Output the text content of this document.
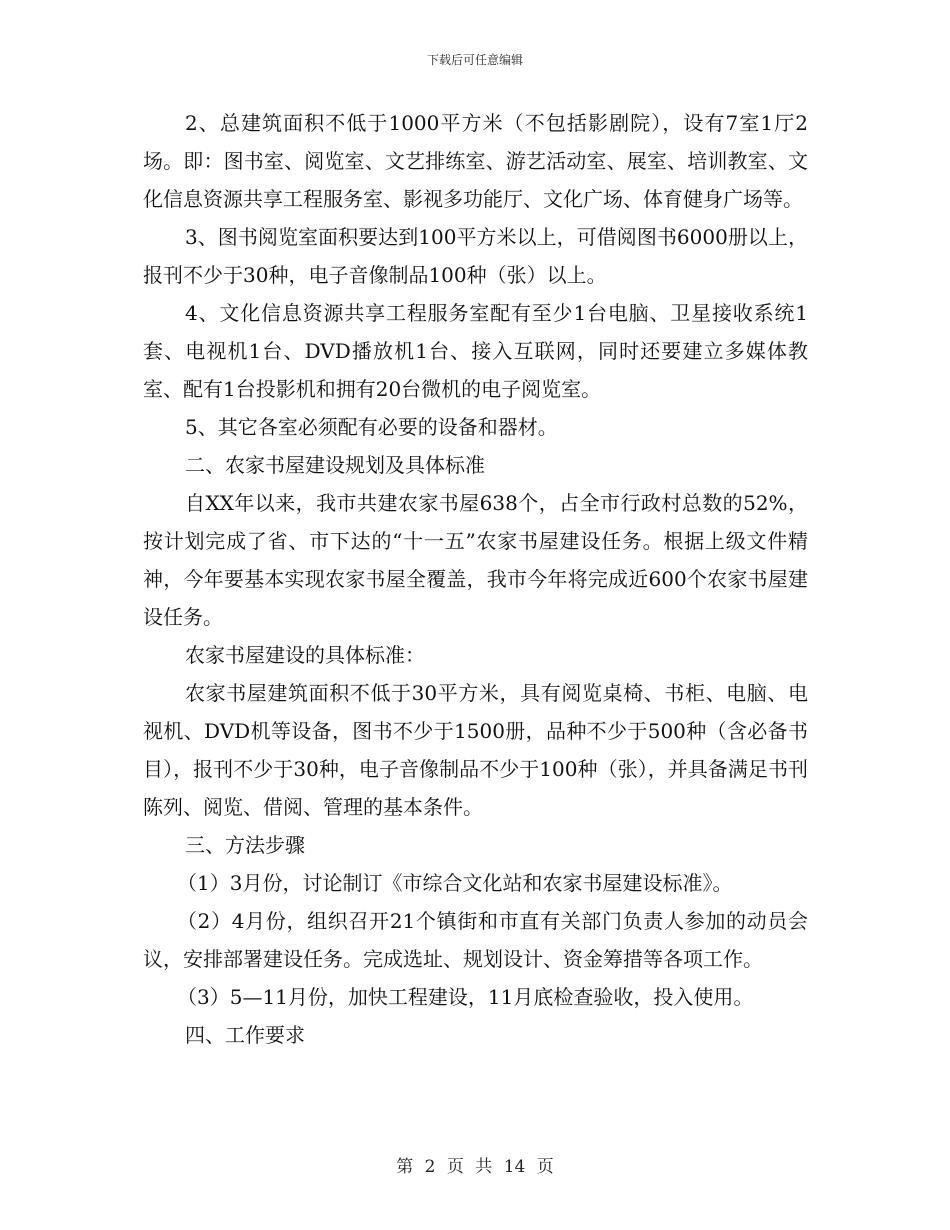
下载后可任意编辑

2、总建筑面积不低于1000平方米（不包括影剧院），设有7室1厅2场。即：图书室、阅览室、文艺排练室、游艺活动室、展室、培训教室、文化信息资源共享工程服务室、影视多功能厅、文化广场、体育健身广场等。

3、图书阅览室面积要达到100平方米以上，可借阅图书6000册以上，报刊不少于30种，电子音像制品100种（张）以上。

4、文化信息资源共享工程服务室配有至少1台电脑、卫星接收系统1套、电视机1台、DVD播放机1台、接入互联网，同时还要建立多媒体教室、配有1台投影机和拥有20台微机的电子阅览室。

5、其它各室必须配有必要的设备和器材。

二、农家书屋建设规划及具体标准

自XX年以来，我市共建农家书屋638个，占全市行政村总数的52%，按计划完成了省、市下达的“十一五”农家书屋建设任务。根据上级文件精神，今年要基本实现农家书屋全覆盖，我市今年将完成近600个农家书屋建设任务。

农家书屋建设的具体标准：

农家书屋建筑面积不低于30平方米，具有阅览桌椅、书柜、电脑、电视机、DVD机等设备，图书不少于1500册，品种不少于500种（含必备书目），报刊不少于30种，电子音像制品不少于100种（张），并具备满足书刊陈列、阅览、借阅、管理的基本条件。

三、方法步骤

（1）3月份，讨论制订《市综合文化站和农家书屋建设标准》。

（2）4月份，组织召开21个镇街和市直有关部门负责人参加的动员会议，安排部署建设任务。完成选址、规划设计、资金筹措等各项工作。

（3）5—11月份，加快工程建设，11月底检查验收，投入使用。

四、工作要求

第 2 页 共 14 页
